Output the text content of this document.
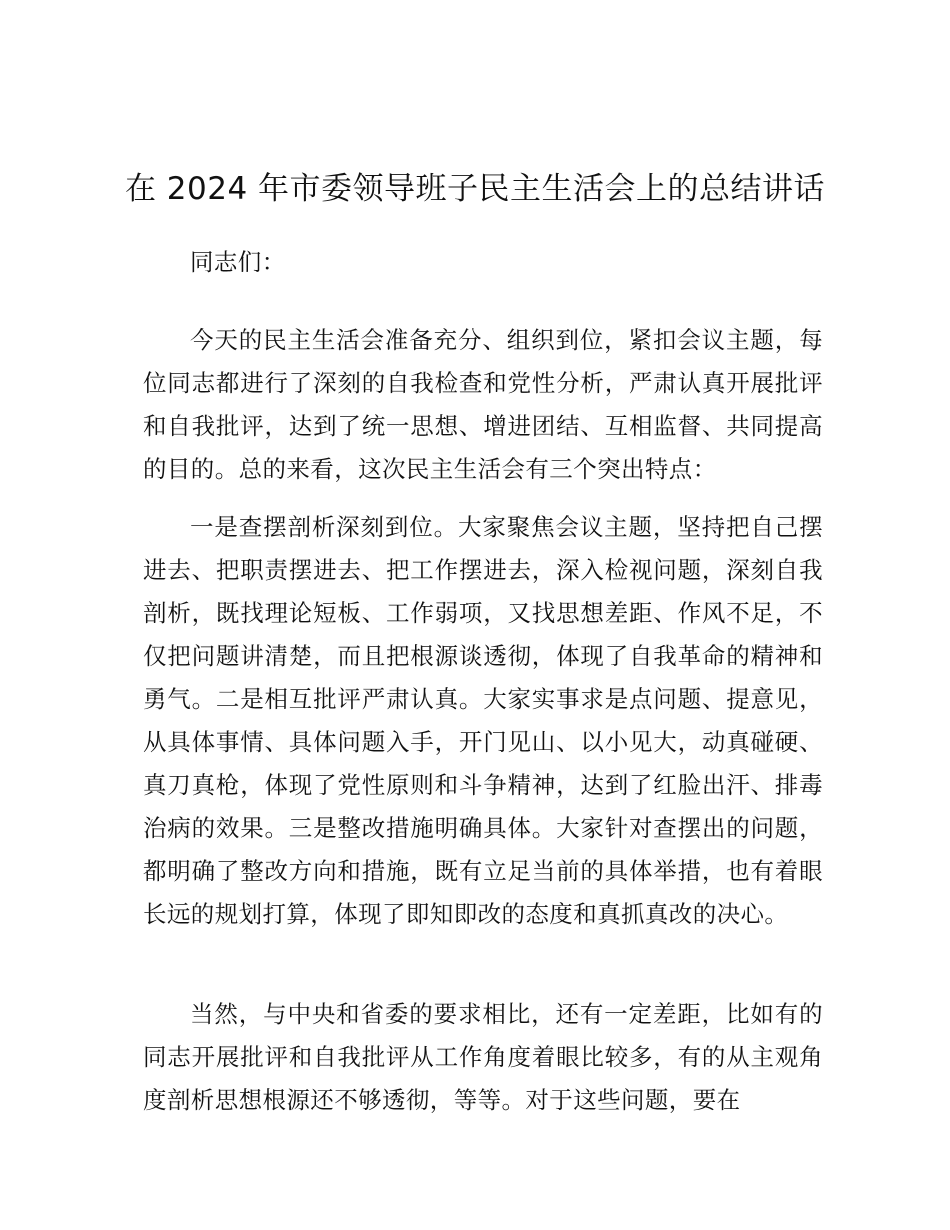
在 2024 年市委领导班子民主生活会上的总结讲话

同志们：

今天的民主生活会准备充分、组织到位，紧扣会议主题，每位同志都进行了深刻的自我检查和党性分析，严肃认真开展批评和自我批评，达到了统一思想、增进团结、互相监督、共同提高的目的。总的来看，这次民主生活会有三个突出特点：

一是查摆剖析深刻到位。大家聚焦会议主题，坚持把自己摆进去、把职责摆进去、把工作摆进去，深入检视问题，深刻自我剖析，既找理论短板、工作弱项，又找思想差距、作风不足，不仅把问题讲清楚，而且把根源谈透彻，体现了自我革命的精神和勇气。二是相互批评严肃认真。大家实事求是点问题、提意见，从具体事情、具体问题入手，开门见山、以小见大，动真碰硬、真刀真枪，体现了党性原则和斗争精神，达到了红脸出汗、排毒治病的效果。三是整改措施明确具体。大家针对查摆出的问题，都明确了整改方向和措施，既有立足当前的具体举措，也有着眼长远的规划打算，体现了即知即改的态度和真抓真改的决心。

当然，与中央和省委的要求相比，还有一定差距，比如有的同志开展批评和自我批评从工作角度着眼比较多，有的从主观角度剖析思想根源还不够透彻，等等。对于这些问题，要在
